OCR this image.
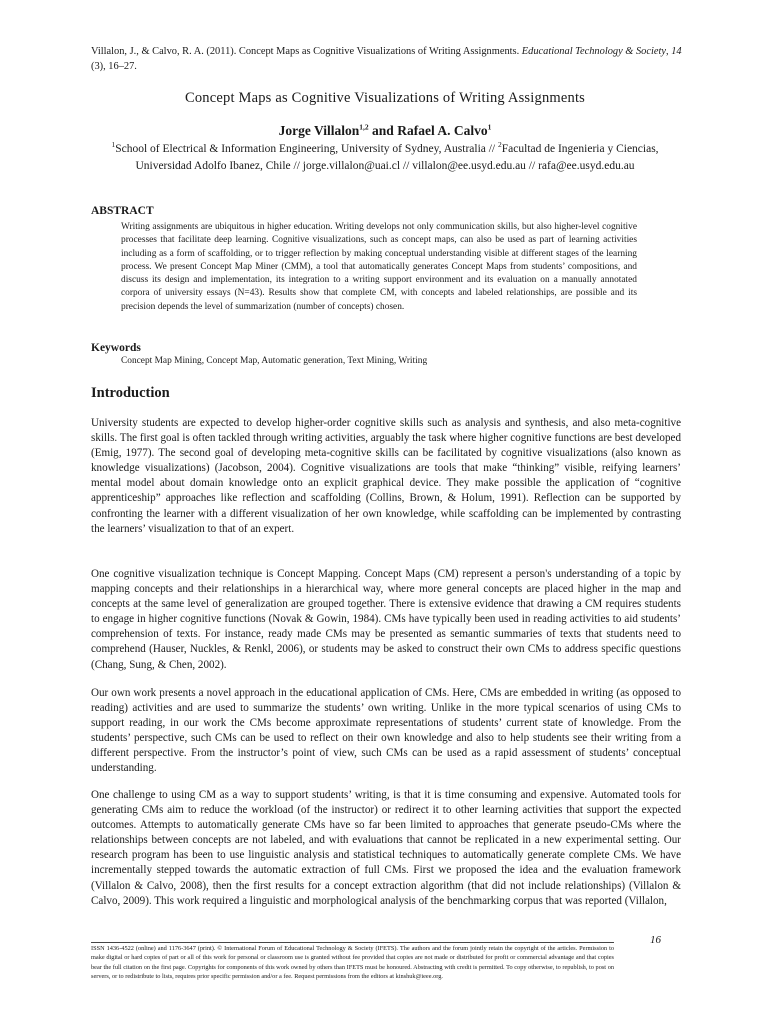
Villalon, J., & Calvo, R. A. (2011). Concept Maps as Cognitive Visualizations of Writing Assignments. Educational Technology & Society, 14 (3), 16–27.
Concept Maps as Cognitive Visualizations of Writing Assignments
Jorge Villalon$^{1,2}$ and Rafael A. Calvo$^1$
$^1$School of Electrical & Information Engineering, University of Sydney, Australia // $^2$Facultad de Ingenieria y Ciencias, Universidad Adolfo Ibanez, Chile // jorge.villalon@uai.cl // villalon@ee.usyd.edu.au // rafa@ee.usyd.edu.au
ABSTRACT
Writing assignments are ubiquitous in higher education. Writing develops not only communication skills, but also higher-level cognitive processes that facilitate deep learning. Cognitive visualizations, such as concept maps, can also be used as part of learning activities including as a form of scaffolding, or to trigger reflection by making conceptual understanding visible at different stages of the learning process. We present Concept Map Miner (CMM), a tool that automatically generates Concept Maps from students’ compositions, and discuss its design and implementation, its integration to a writing support environment and its evaluation on a manually annotated corpora of university essays (N=43). Results show that complete CM, with concepts and labeled relationships, are possible and its precision depends the level of summarization (number of concepts) chosen.
Keywords
Concept Map Mining, Concept Map, Automatic generation, Text Mining, Writing
Introduction
University students are expected to develop higher-order cognitive skills such as analysis and synthesis, and also meta-cognitive skills. The first goal is often tackled through writing activities, arguably the task where higher cognitive functions are best developed (Emig, 1977). The second goal of developing meta-cognitive skills can be facilitated by cognitive visualizations (also known as knowledge visualizations) (Jacobson, 2004). Cognitive visualizations are tools that make “thinking” visible, reifying learners’ mental model about domain knowledge onto an explicit graphical device. They make possible the application of “cognitive apprenticeship” approaches like reflection and scaffolding (Collins, Brown, & Holum, 1991). Reflection can be supported by confronting the learner with a different visualization of her own knowledge, while scaffolding can be implemented by contrasting the learners’ visualization to that of an expert.
One cognitive visualization technique is Concept Mapping. Concept Maps (CM) represent a person's understanding of a topic by mapping concepts and their relationships in a hierarchical way, where more general concepts are placed higher in the map and concepts at the same level of generalization are grouped together. There is extensive evidence that drawing a CM requires students to engage in higher cognitive functions (Novak & Gowin, 1984). CMs have typically been used in reading activities to aid students’ comprehension of texts. For instance, ready made CMs may be presented as semantic summaries of texts that students need to comprehend (Hauser, Nuckles, & Renkl, 2006), or students may be asked to construct their own CMs to address specific questions (Chang, Sung, & Chen, 2002).
Our own work presents a novel approach in the educational application of CMs. Here, CMs are embedded in writing (as opposed to reading) activities and are used to summarize the students’ own writing. Unlike in the more typical scenarios of using CMs to support reading, in our work the CMs become approximate representations of students’ current state of knowledge. From the students’ perspective, such CMs can be used to reflect on their own knowledge and also to help students see their writing from a different perspective. From the instructor’s point of view, such CMs can be used as a rapid assessment of students’ conceptual understanding.
One challenge to using CM as a way to support students’ writing, is that it is time consuming and expensive. Automated tools for generating CMs aim to reduce the workload (of the instructor) or redirect it to other learning activities that support the expected outcomes. Attempts to automatically generate CMs have so far been limited to approaches that generate pseudo-CMs where the relationships between concepts are not labeled, and with evaluations that cannot be replicated in a new experimental setting. Our research program has been to use linguistic analysis and statistical techniques to automatically generate complete CMs. We have incrementally stepped towards the automatic extraction of full CMs. First we proposed the idea and the evaluation framework (Villalon & Calvo, 2008), then the first results for a concept extraction algorithm (that did not include relationships) (Villalon & Calvo, 2009). This work required a linguistic and morphological analysis of the benchmarking corpus that was reported (Villalon,
16
ISSN 1436-4522 (online) and 1176-3647 (print). © International Forum of Educational Technology & Society (IFETS). The authors and the forum jointly retain the copyright of the articles. Permission to make digital or hard copies of part or all of this work for personal or classroom use is granted without fee provided that copies are not made or distributed for profit or commercial advantage and that copies bear the full citation on the first page. Copyrights for components of this work owned by others than IFETS must be honoured. Abstracting with credit is permitted. To copy otherwise, to republish, to post on servers, or to redistribute to lists, requires prior specific permission and/or a fee. Request permissions from the editors at kinshuk@ieee.org.
